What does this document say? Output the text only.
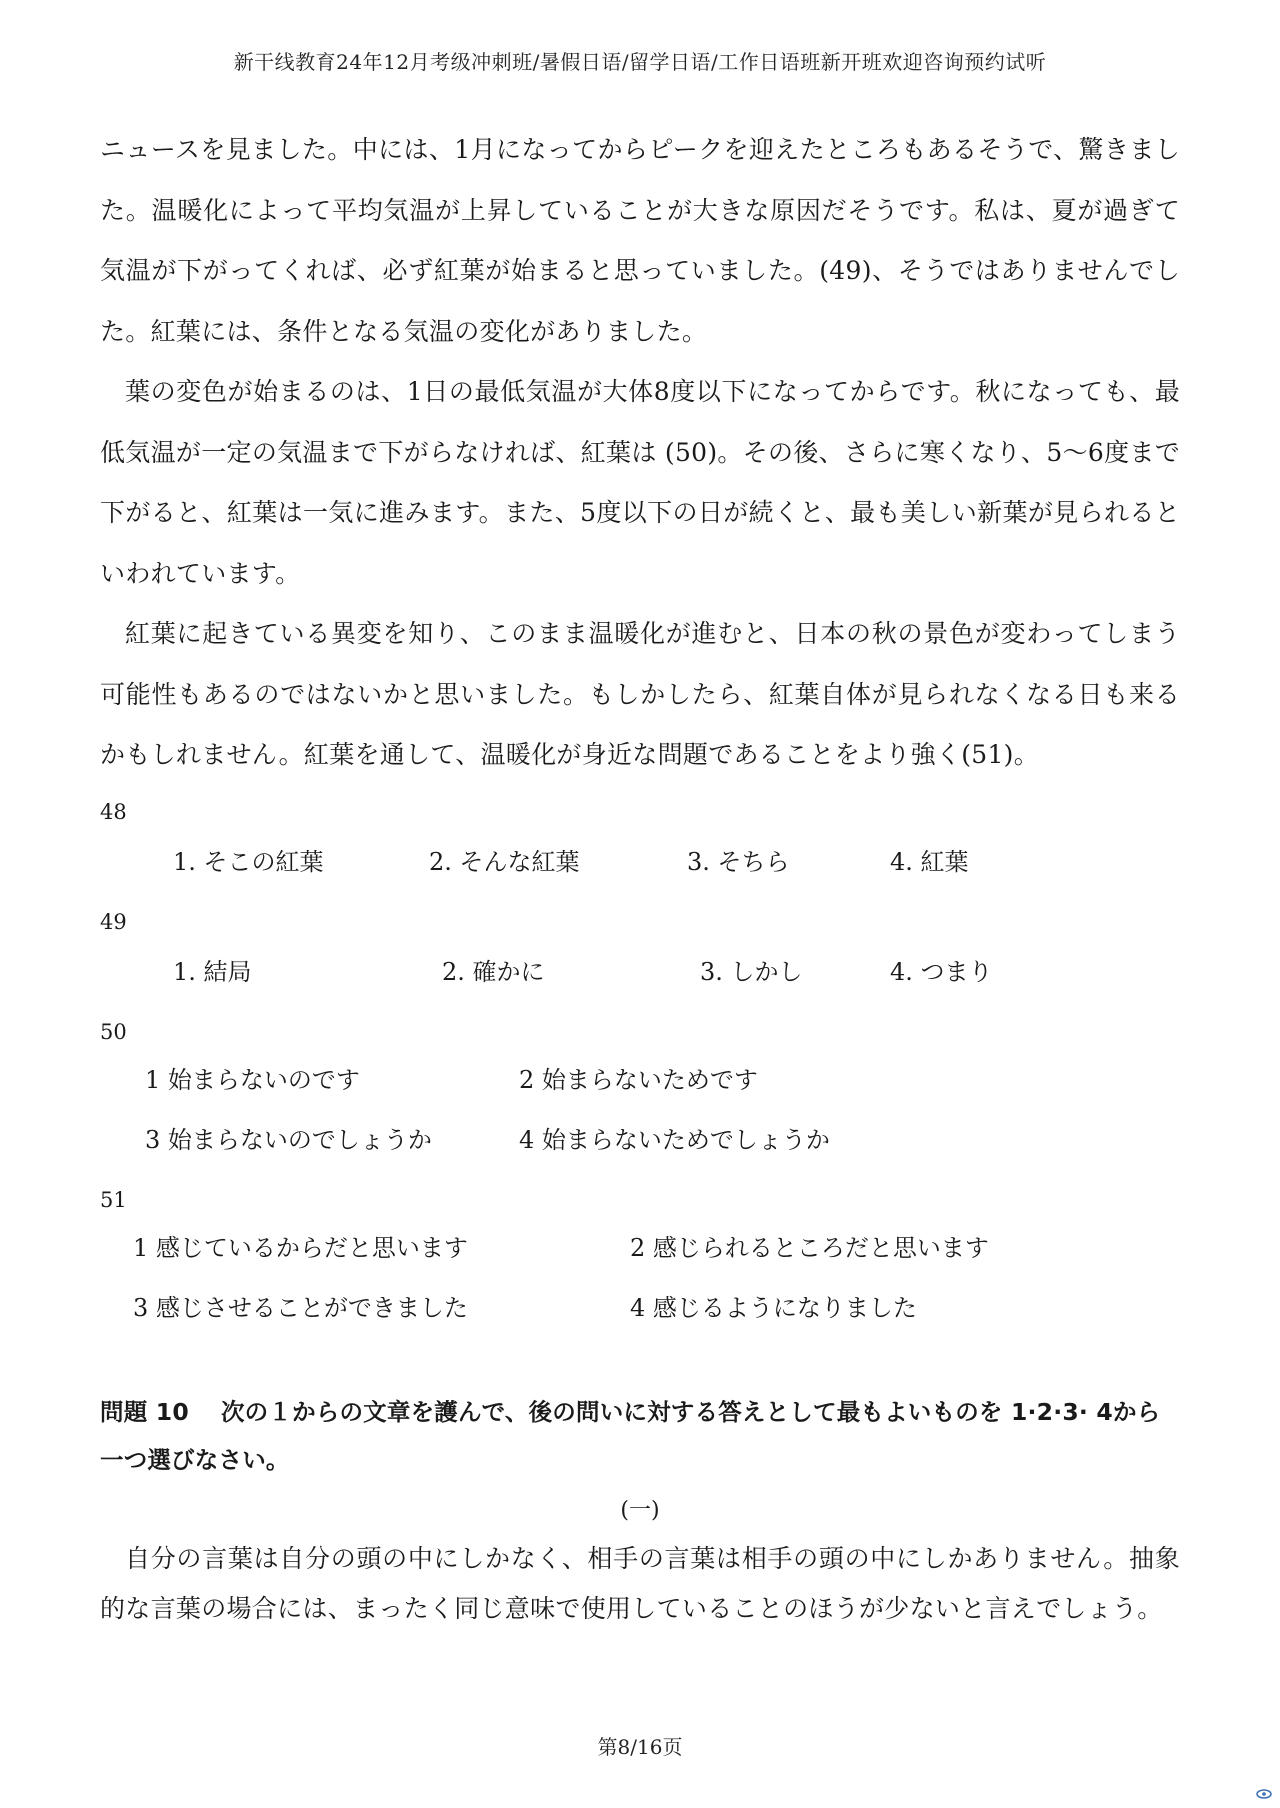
新干线教育24年12月考级冲刺班/暑假日语/留学日语/工作日语班新开班欢迎咨询预约试听

ニュースを見ました。中には、1月になってからピークを迎えたところもあるそうで、驚きました。温暖化によって平均気温が上昇していることが大きな原因だそうです。私は、夏が過ぎて気温が下がってくれば、必ず紅葉が始まると思っていました。(49)、そうではありませんでした。紅葉には、条件となる気温の変化がありました。

葉の変色が始まるのは、1日の最低気温が大体8度以下になってからです。秋になっても、最低気温が一定の気温まで下がらなければ、紅葉は (50)。その後、さらに寒くなり、5〜6度まで下がると、紅葉は一気に進みます。また、5度以下の日が続くと、最も美しい新葉が見られるといわれています。

紅葉に起きている異変を知り、このまま温暖化が進むと、日本の秋の景色が変わってしまう可能性もあるのではないかと思いました。もしかしたら、紅葉自体が見られなくなる日も来るかもしれません。紅葉を通して、温暖化が身近な問題であることをより強く(51)。

48

1. そこの紅葉	2. そんな紅葉	3. そちら	4. 紅葉

49

1. 結局	2. 確かに	3. しかし	4. つまり

50

1 始まらないのです	2 始まらないためです
3 始まらないのでしょうか	4 始まらないためでしょうか

51

1 感じているからだと思います	2 感じられるところだと思います
3 感じさせることができました	4 感じるようになりました

問題 10　 次の１からの文章を護んで、後の問いに対する答えとして最もよいものを 1·2·3· 4から一つ選びなさい。

(一)

自分の言葉は自分の頭の中にしかなく、相手の言葉は相手の頭の中にしかありません。抽象的な言葉の場合には、まったく同じ意味で使用していることのほうが少ないと言えでしょう。

第8/16页
